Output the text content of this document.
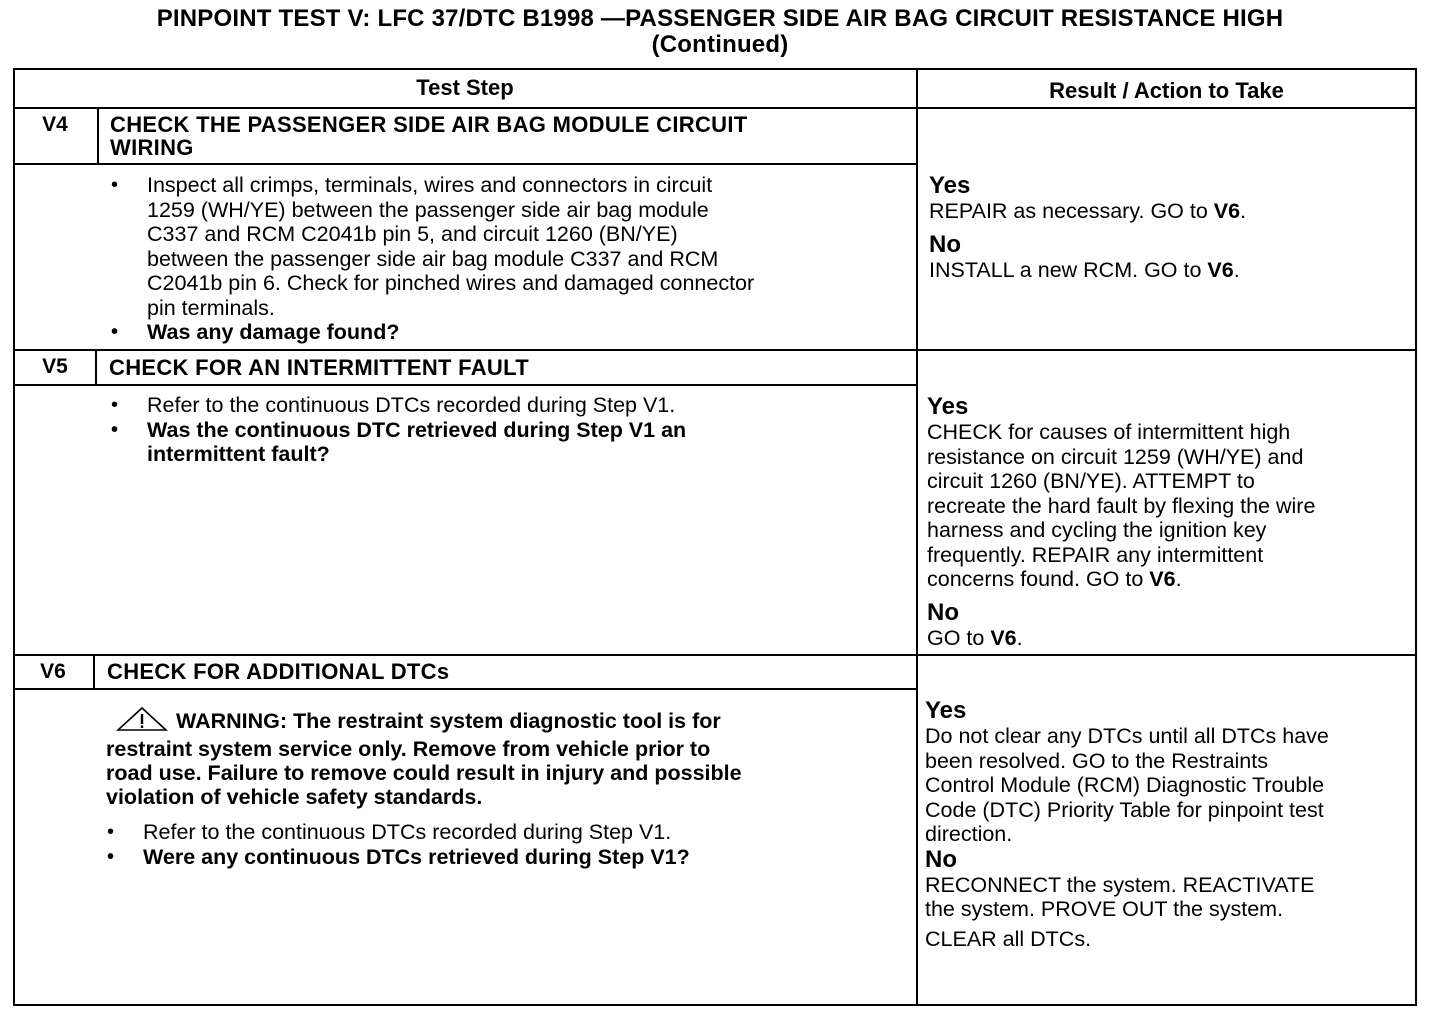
PINPOINT TEST V: LFC 37/DTC B1998 —PASSENGER SIDE AIR BAG CIRCUIT RESISTANCE HIGH
(Continued)
Test Step	Result / Action to Take
V4	CHECK THE PASSENGER SIDE AIR BAG MODULE CIRCUIT
WIRING
• Inspect all crimps, terminals, wires and connectors in circuit
1259 (WH/YE) between the passenger side air bag module
C337 and RCM C2041b pin 5, and circuit 1260 (BN/YE)
between the passenger side air bag module C337 and RCM
C2041b pin 6. Check for pinched wires and damaged connector
pin terminals.
• Was any damage found?
Yes
REPAIR as necessary. GO to V6.
No
INSTALL a new RCM. GO to V6.
V5	CHECK FOR AN INTERMITTENT FAULT
• Refer to the continuous DTCs recorded during Step V1.
• Was the continuous DTC retrieved during Step V1 an
intermittent fault?
Yes
CHECK for causes of intermittent high
resistance on circuit 1259 (WH/YE) and
circuit 1260 (BN/YE). ATTEMPT to
recreate the hard fault by flexing the wire
harness and cycling the ignition key
frequently. REPAIR any intermittent
concerns found. GO to V6.
No
GO to V6.
V6	CHECK FOR ADDITIONAL DTCs
WARNING: The restraint system diagnostic tool is for
restraint system service only. Remove from vehicle prior to
road use. Failure to remove could result in injury and possible
violation of vehicle safety standards.
• Refer to the continuous DTCs recorded during Step V1.
• Were any continuous DTCs retrieved during Step V1?
Yes
Do not clear any DTCs until all DTCs have
been resolved. GO to the Restraints
Control Module (RCM) Diagnostic Trouble
Code (DTC) Priority Table for pinpoint test
direction.
No
RECONNECT the system. REACTIVATE
the system. PROVE OUT the system.
CLEAR all DTCs.
